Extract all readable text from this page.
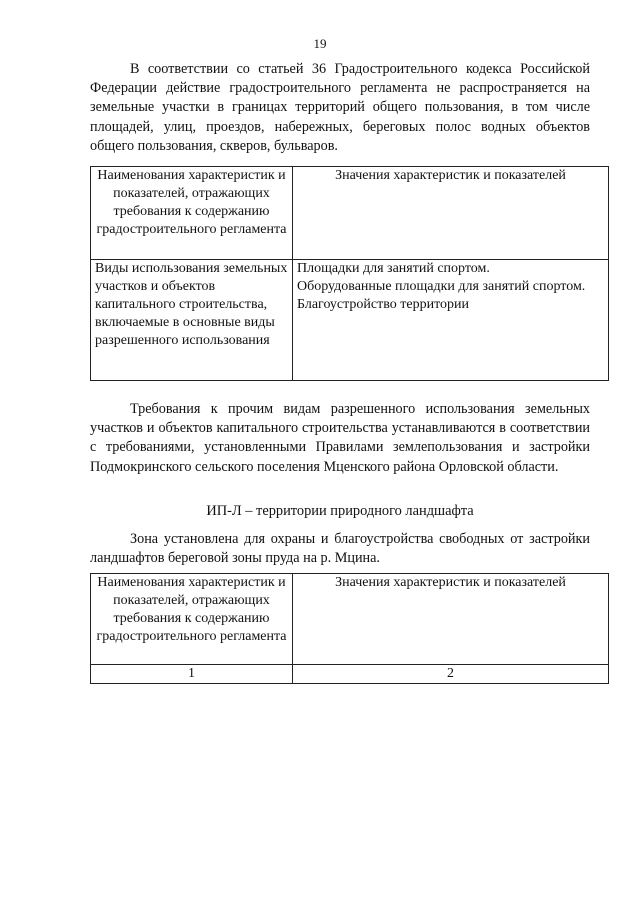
19

В соответствии со статьей 36 Градостроительного кодекса Российской Федерации действие градостроительного регламента не распространяется на земельные участки в границах территорий общего пользования, в том числе площадей, улиц, проездов, набережных, береговых полос водных объектов общего пользования, скверов, бульваров.

Наименования характеристик и показателей, отражающих требования к содержанию градостроительного регламента	Значения характеристик и показателей
Виды использования земельных участков и объектов капитального строительства, включаемые в основные виды разрешенного использования	Площадки для занятий спортом.
Оборудованные площадки для занятий спортом.
Благоустройство территории

Требования к прочим видам разрешенного использования земельных участков и объектов капитального строительства устанавливаются в соответствии с требованиями, установленными Правилами землепользования и застройки Подмокринского сельского поселения Мценского района Орловской области.

ИП-Л – территории природного ландшафта

Зона установлена для охраны и благоустройства свободных от застройки ландшафтов береговой зоны пруда на р. Мцина.

Наименования характеристик и показателей, отражающих требования к содержанию градостроительного регламента	Значения характеристик и показателей
1	2
